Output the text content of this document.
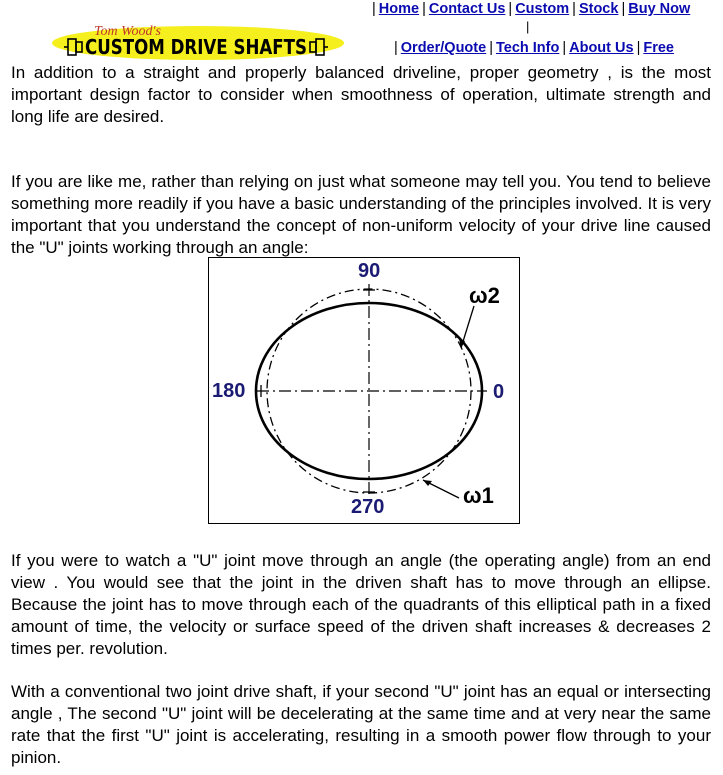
Tom Wood's
CUSTOM DRIVE SHAFTS
| Home | Contact Us | Custom | Stock | Buy Now
|
| Order/Quote | Tech Info | About Us | Free

In addition to a straight and properly balanced driveline, proper geometry , is the most important design factor to consider when smoothness of operation, ultimate strength and long life are desired.

If you are like me, rather than relying on just what someone may tell you. You tend to believe something more readily if you have a basic understanding of the principles involved. It is very important that you understand the concept of non-uniform velocity of your drive line caused the "U" joints working through an angle:

90
180	0
270
ω2
ω1

If you were to watch a "U" joint move through an angle (the operating angle) from an end view . You would see that the joint in the driven shaft has to move through an ellipse. Because the joint has to move through each of the quadrants of this elliptical path in a fixed amount of time, the velocity or surface speed of the driven shaft increases & decreases 2 times per. revolution.

With a conventional two joint drive shaft, if your second "U" joint has an equal or intersecting angle , The second "U" joint will be decelerating at the same time and at very near the same rate that the first "U" joint is accelerating, resulting in a smooth power flow through to your pinion.
